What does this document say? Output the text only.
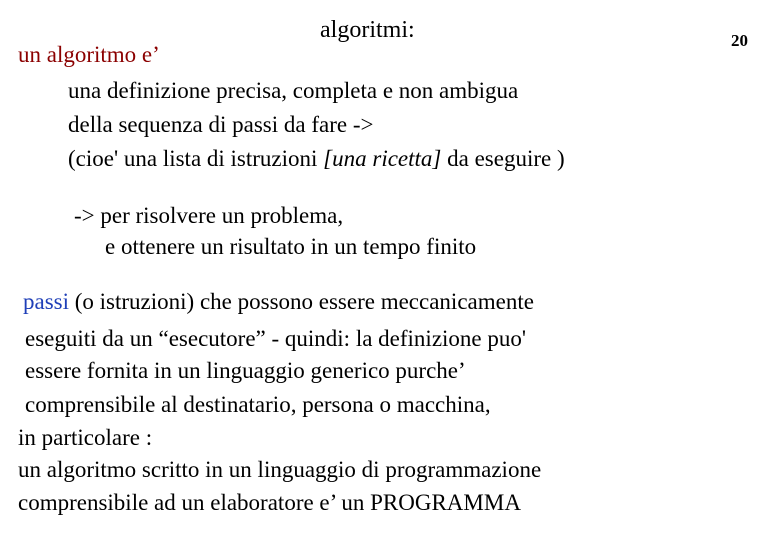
algoritmi:	20
un algoritmo e’
una definizione precisa, completa e non ambigua
della sequenza di passi da fare ->
(cioe' una lista di istruzioni [una ricetta] da eseguire )
-> per risolvere un problema,
e ottenere un risultato in un tempo finito
passi (o istruzioni) che possono essere meccanicamente
eseguiti da un “esecutore” - quindi: la definizione puo'
essere fornita in un linguaggio generico purche’
comprensibile al destinatario, persona o macchina,
in particolare :
un algoritmo scritto in un linguaggio di programmazione
comprensibile ad un elaboratore e’ un PROGRAMMA
